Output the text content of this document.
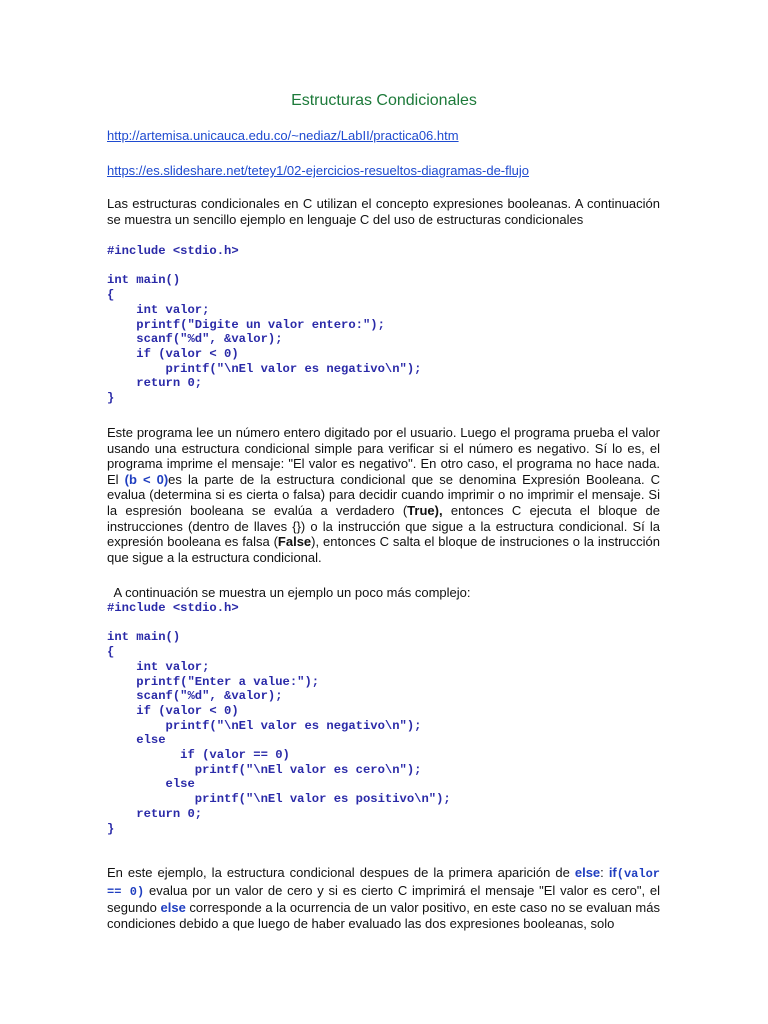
Estructuras Condicionales
http://artemisa.unicauca.edu.co/~nediaz/LabII/practica06.htm
https://es.slideshare.net/tetey1/02-ejercicios-resueltos-diagramas-de-flujo

Las estructuras condicionales en C utilizan el concepto expresiones booleanas. A continuación se muestra un sencillo ejemplo en lenguaje C del uso de estructuras condicionales

#include <stdio.h>

int main()
{
int valor;
printf("Digite un valor entero:");
scanf("%d", &valor);
if (valor < 0)
printf("\nEl valor es negativo\n");
return 0;
}

Este programa lee un número entero digitado por el usuario. Luego el programa prueba el valor usando una estructura condicional simple para verificar si el número es negativo. Sí lo es, el programa imprime el mensaje: "El valor es negativo". En otro caso, el programa no hace nada. El (b < 0)es la parte de la estructura condicional que se denomina Expresión Booleana. C evalua (determina si es cierta o falsa) para decidir cuando imprimir o no imprimir el mensaje. Si la espresión booleana se evalúa a verdadero (True), entonces C ejecuta el bloque de instrucciones (dentro de llaves {}) o la instrucción que sigue a la estructura condicional. Sí la expresión booleana es falsa (False), entonces C salta el bloque de instruciones o la instrucción que sigue a la estructura condicional.

A continuación se muestra un ejemplo un poco más complejo:

#include <stdio.h>

int main()
{
int valor;
printf("Enter a value:");
scanf("%d", &valor);
if (valor < 0)
printf("\nEl valor es negativo\n");
else
if (valor == 0)
printf("\nEl valor es cero\n");
else
printf("\nEl valor es positivo\n");
return 0;
}

En este ejemplo, la estructura condicional despues de la primera aparición de else: if(valor == 0) evalua por un valor de cero y si es cierto C imprimirá el mensaje "El valor es cero", el segundo else corresponde a la ocurrencia de un valor positivo, en este caso no se evaluan más condiciones debido a que luego de haber evaluado las dos expresiones booleanas, solo
